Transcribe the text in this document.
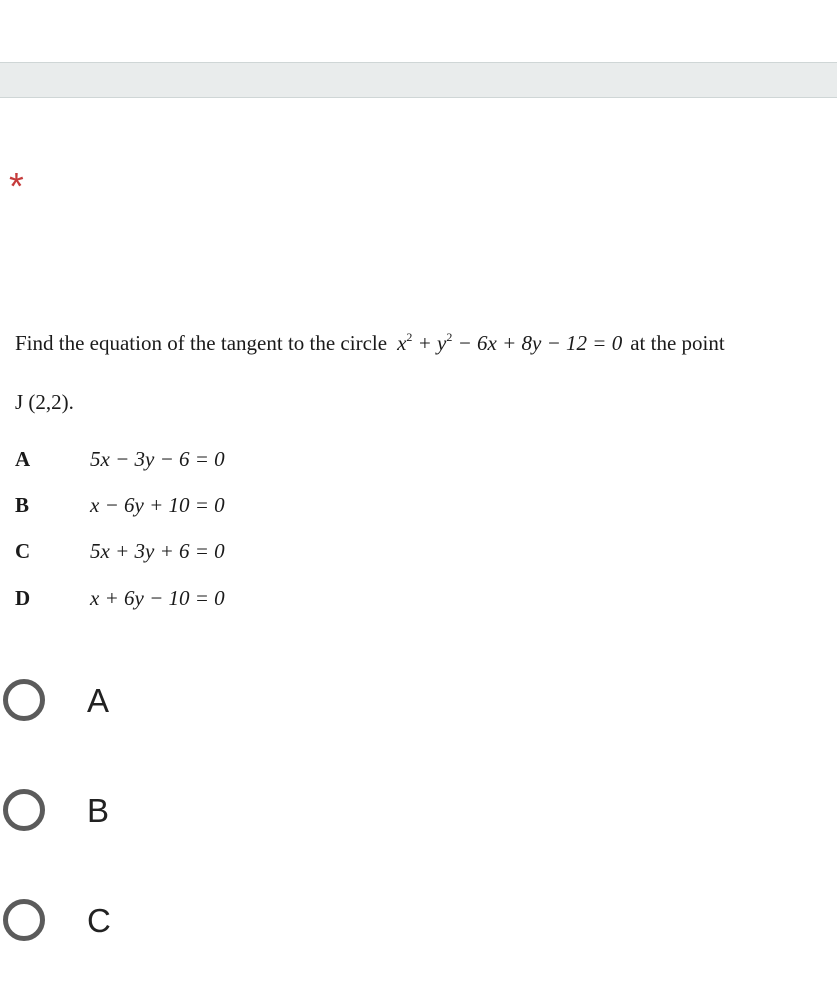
*
Find the equation of the tangent to the circle $x^2 + y^2 - 6x + 8y - 12 = 0$ at the point
J (2,2).
A	5x − 3y − 6 = 0
B	x − 6y + 10 = 0
C	5x + 3y + 6 = 0
D	x + 6y − 10 = 0
A
B
C
